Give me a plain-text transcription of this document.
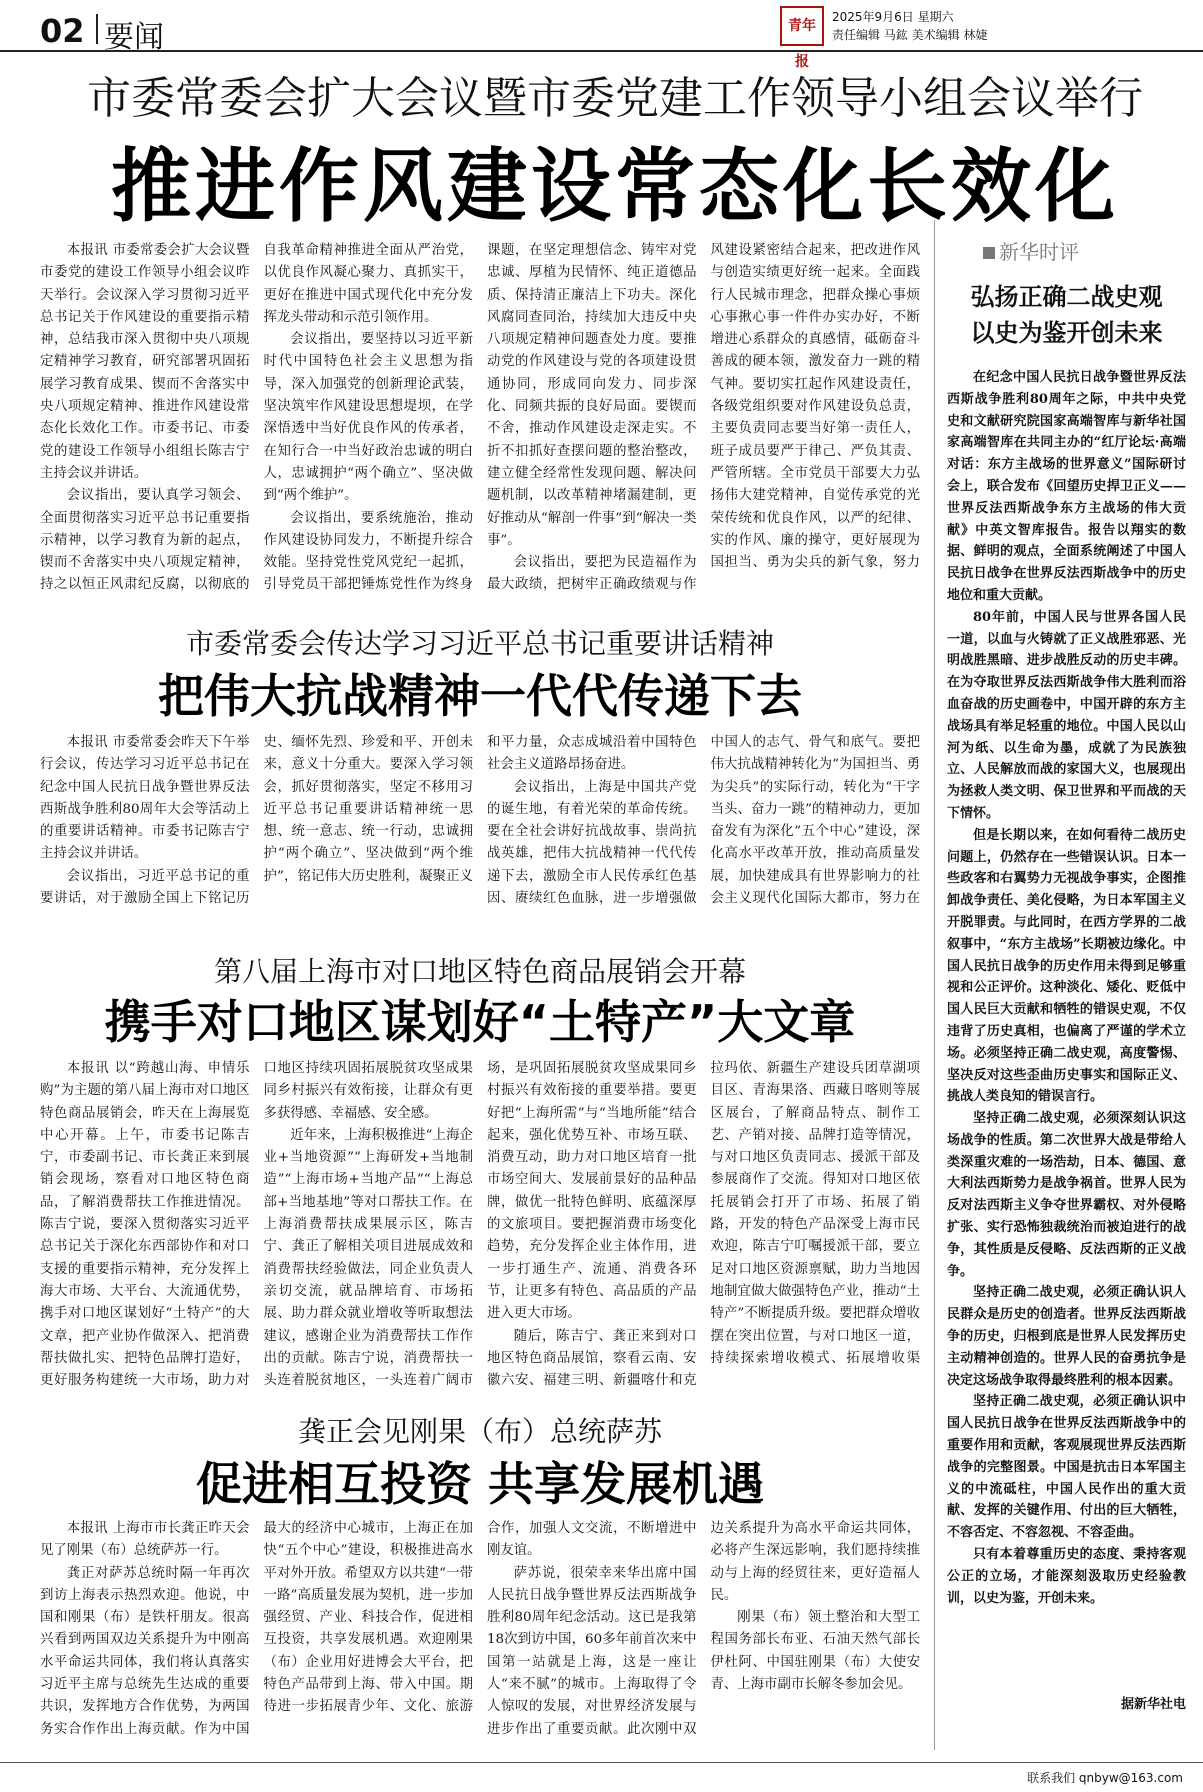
02 要闻	青年报
2025年9月6日 星期六
责任编辑 马鈜 美术编辑 林婕
市委常委会扩大会议暨市委党建工作领导小组会议举行
推进作风建设常态化长效化

本报讯 市委常委会扩大会议暨市委党的建设工作领导小组会议昨天举行。会议深入学习贯彻习近平总书记关于作风建设的重要指示精神，总结我市深入贯彻中央八项规定精神学习教育，研究部署巩固拓展学习教育成果、锲而不舍落实中央八项规定精神、推进作风建设常态化长效化工作。市委书记、市委党的建设工作领导小组组长陈吉宁主持会议并讲话。

会议指出，要认真学习领会、全面贯彻落实习近平总书记重要指示精神，以学习教育为新的起点，锲而不舍落实中央八项规定精神，持之以恒正风肃纪反腐，以彻底的自我革命精神推进全面从严治党，以优良作风凝心聚力、真抓实干，更好在推进中国式现代化中充分发挥龙头带动和示范引领作用。

会议指出，要坚持以习近平新时代中国特色社会主义思想为指导，深入加强党的创新理论武装，坚决筑牢作风建设思想堤坝，在学深悟透中当好优良作风的传承者，在知行合一中当好政治忠诚的明白人，忠诚拥护“两个确立”、坚决做到“两个维护”。

会议指出，要系统施治，推动作风建设协同发力，不断提升综合效能。坚持党性党风党纪一起抓，引导党员干部把锤炼党性作为终身课题，在坚定理想信念、铸牢对党忠诚、厚植为民情怀、纯正道德品质、保持清正廉洁上下功夫。深化风腐同查同治，持续加大违反中央八项规定精神问题查处力度。要推动党的作风建设与党的各项建设贯通协同，形成同向发力、同步深化、同频共振的良好局面。要锲而不舍，推动作风建设走深走实。不折不扣抓好查摆问题的整治整改，建立健全经常性发现问题、解决问题机制，以改革精神堵漏建制，更好推动从“解剖一件事”到“解决一类事”。

会议指出，要把为民造福作为最大政绩，把树牢正确政绩观与作风建设紧密结合起来，把改进作风与创造实绩更好统一起来。全面践行人民城市理念，把群众操心事烦心事揪心事一件件办实办好，不断增进心系群众的真感情，砥砺奋斗善成的硬本领，激发奋力一跳的精气神。要切实扛起作风建设责任，各级党组织要对作风建设负总责，主要负责同志要当好第一责任人，班子成员要严于律己、严负其责、严管所辖。全市党员干部要大力弘扬伟大建党精神，自觉传承党的光荣传统和优良作风，以严的纪律、实的作风、廉的操守，更好展现为国担当、勇为尖兵的新气象，努力

市委常委会传达学习习近平总书记重要讲话精神
把伟大抗战精神一代代传递下去

本报讯 市委常委会昨天下午举行会议，传达学习习近平总书记在纪念中国人民抗日战争暨世界反法西斯战争胜利80周年大会等活动上的重要讲话精神。市委书记陈吉宁主持会议并讲话。

会议指出，习近平总书记的重要讲话，对于激励全国上下铭记历史、缅怀先烈、珍爱和平、开创未来，意义十分重大。要深入学习领会，抓好贯彻落实，坚定不移用习近平总书记重要讲话精神统一思想、统一意志、统一行动，忠诚拥护“两个确立”、坚决做到“两个维护”，铭记伟大历史胜利，凝聚正义和平力量，众志成城沿着中国特色社会主义道路昂扬奋进。

会议指出，上海是中国共产党的诞生地，有着光荣的革命传统。要在全社会讲好抗战故事、崇尚抗战英雄，把伟大抗战精神一代代传递下去，激励全市人民传承红色基因、赓续红色血脉，进一步增强做中国人的志气、骨气和底气。要把伟大抗战精神转化为“为国担当、勇为尖兵”的实际行动，转化为“干字当头、奋力一跳”的精神动力，更加奋发有为深化“五个中心”建设，深化高水平改革开放，推动高质量发展，加快建成具有世界影响力的社会主义现代化国际大都市，努力在

第八届上海市对口地区特色商品展销会开幕
携手对口地区谋划好“土特产”大文章

本报讯 以“跨越山海、申情乐购”为主题的第八届上海市对口地区特色商品展销会，昨天在上海展览中心开幕。上午，市委书记陈吉宁，市委副书记、市长龚正来到展销会现场，察看对口地区特色商品，了解消费帮扶工作推进情况。陈吉宁说，要深入贯彻落实习近平总书记关于深化东西部协作和对口支援的重要指示精神，充分发挥上海大市场、大平台、大流通优势，携手对口地区谋划好“土特产”的大文章，把产业协作做深入、把消费帮扶做扎实、把特色品牌打造好，更好服务构建统一大市场，助力对口地区持续巩固拓展脱贫攻坚成果同乡村振兴有效衔接，让群众有更多获得感、幸福感、安全感。

近年来，上海积极推进“上海企业+当地资源”“上海研发+当地制造”“上海市场+当地产品”“上海总部+当地基地”等对口帮扶工作。在上海消费帮扶成果展示区，陈吉宁、龚正了解相关项目进展成效和消费帮扶经验做法，同企业负责人亲切交流，就品牌培育、市场拓展、助力群众就业增收等听取想法建议，感谢企业为消费帮扶工作作出的贡献。陈吉宁说，消费帮扶一头连着脱贫地区，一头连着广阔市场，是巩固拓展脱贫攻坚成果同乡村振兴有效衔接的重要举措。要更好把“上海所需”与“当地所能”结合起来，强化优势互补、市场互联、消费互动，助力对口地区培育一批市场空间大、发展前景好的品种品牌，做优一批特色鲜明、底蕴深厚的文旅项目。要把握消费市场变化趋势，充分发挥企业主体作用，进一步打通生产、流通、消费各环节，让更多有特色、高品质的产品进入更大市场。

随后，陈吉宁、龚正来到对口地区特色商品展馆，察看云南、安徽六安、福建三明、新疆喀什和克拉玛依、新疆生产建设兵团草湖项目区、青海果洛、西藏日喀则等展区展台，了解商品特点、制作工艺、产销对接、品牌打造等情况，与对口地区负责同志、援派干部及参展商作了交流。得知对口地区依托展销会打开了市场、拓展了销路，开发的特色产品深受上海市民欢迎，陈吉宁叮嘱援派干部，要立足对口地区资源禀赋，助力当地因地制宜做大做强特色产业，推动“土特产”不断提质升级。要把群众增收摆在突出位置，与对口地区一道，持续探索增收模式、拓展增收渠

龚正会见刚果（布）总统萨苏
促进相互投资 共享发展机遇

本报讯 上海市市长龚正昨天会见了刚果（布）总统萨苏一行。

龚正对萨苏总统时隔一年再次到访上海表示热烈欢迎。他说，中国和刚果（布）是铁杆朋友。很高兴看到两国双边关系提升为中刚高水平命运共同体，我们将认真落实习近平主席与总统先生达成的重要共识，发挥地方合作优势，为两国务实合作作出上海贡献。作为中国最大的经济中心城市，上海正在加快“五个中心”建设，积极推进高水平对外开放。希望双方以共建“一带一路”高质量发展为契机，进一步加强经贸、产业、科技合作，促进相互投资，共享发展机遇。欢迎刚果（布）企业用好进博会大平台，把特色产品带到上海、带入中国。期待进一步拓展青少年、文化、旅游合作，加强人文交流，不断增进中刚友谊。

萨苏说，很荣幸来华出席中国人民抗日战争暨世界反法西斯战争胜利80周年纪念活动。这已是我第18次到访中国，60多年前首次来中国第一站就是上海，这是一座让人“来不腻”的城市。上海取得了令人惊叹的发展，对世界经济发展与进步作出了重要贡献。此次刚中双边关系提升为高水平命运共同体，必将产生深远影响，我们愿持续推动与上海的经贸往来，更好造福人民。

刚果（布）领土整治和大型工程国务部长布亚、石油天然气部长伊杜阿、中国驻刚果（布）大使安青、上海市副市长解冬参加会见。

新华时评
弘扬正确二战史观
以史为鉴开创未来

在纪念中国人民抗日战争暨世界反法西斯战争胜利80周年之际，中共中央党史和文献研究院国家高端智库与新华社国家高端智库在共同主办的“红厅论坛·高端对话：东方主战场的世界意义”国际研讨会上，联合发布《回望历史捍卫正义——世界反法西斯战争东方主战场的伟大贡献》中英文智库报告。报告以翔实的数据、鲜明的观点，全面系统阐述了中国人民抗日战争在世界反法西斯战争中的历史地位和重大贡献。

80年前，中国人民与世界各国人民一道，以血与火铸就了正义战胜邪恶、光明战胜黑暗、进步战胜反动的历史丰碑。在为夺取世界反法西斯战争伟大胜利而浴血奋战的历史画卷中，中国开辟的东方主战场具有举足轻重的地位。中国人民以山河为纸、以生命为墨，成就了为民族独立、人民解放而战的家国大义，也展现出为拯救人类文明、保卫世界和平而战的天下情怀。

但是长期以来，在如何看待二战历史问题上，仍然存在一些错误认识。日本一些政客和右翼势力无视战争事实，企图推卸战争责任、美化侵略，为日本军国主义开脱罪责。与此同时，在西方学界的二战叙事中，“东方主战场”长期被边缘化。中国人民抗日战争的历史作用未得到足够重视和公正评价。这种淡化、矮化、贬低中国人民巨大贡献和牺牲的错误史观，不仅违背了历史真相，也偏离了严谨的学术立场。必须坚持正确二战史观，高度警惕、坚决反对这些歪曲历史事实和国际正义、挑战人类良知的错误言行。

坚持正确二战史观，必须深刻认识这场战争的性质。第二次世界大战是带给人类深重灾难的一场浩劫，日本、德国、意大利法西斯势力是战争祸首。世界人民为反对法西斯主义争夺世界霸权、对外侵略扩张、实行恐怖独裁统治而被迫进行的战争，其性质是反侵略、反法西斯的正义战争。

坚持正确二战史观，必须正确认识人民群众是历史的创造者。世界反法西斯战争的历史，归根到底是世界人民发挥历史主动精神创造的。世界人民的奋勇抗争是决定这场战争取得最终胜利的根本因素。

坚持正确二战史观，必须正确认识中国人民抗日战争在世界反法西斯战争中的重要作用和贡献，客观展现世界反法西斯战争的完整图景。中国是抗击日本军国主义的中流砥柱，中国人民作出的重大贡献、发挥的关键作用、付出的巨大牺牲，不容否定、不容忽视、不容歪曲。

只有本着尊重历史的态度、秉持客观公正的立场，才能深刻汲取历史经验教训，以史为鉴，开创未来。

据新华社电
联系我们 qnbyw@163.com
